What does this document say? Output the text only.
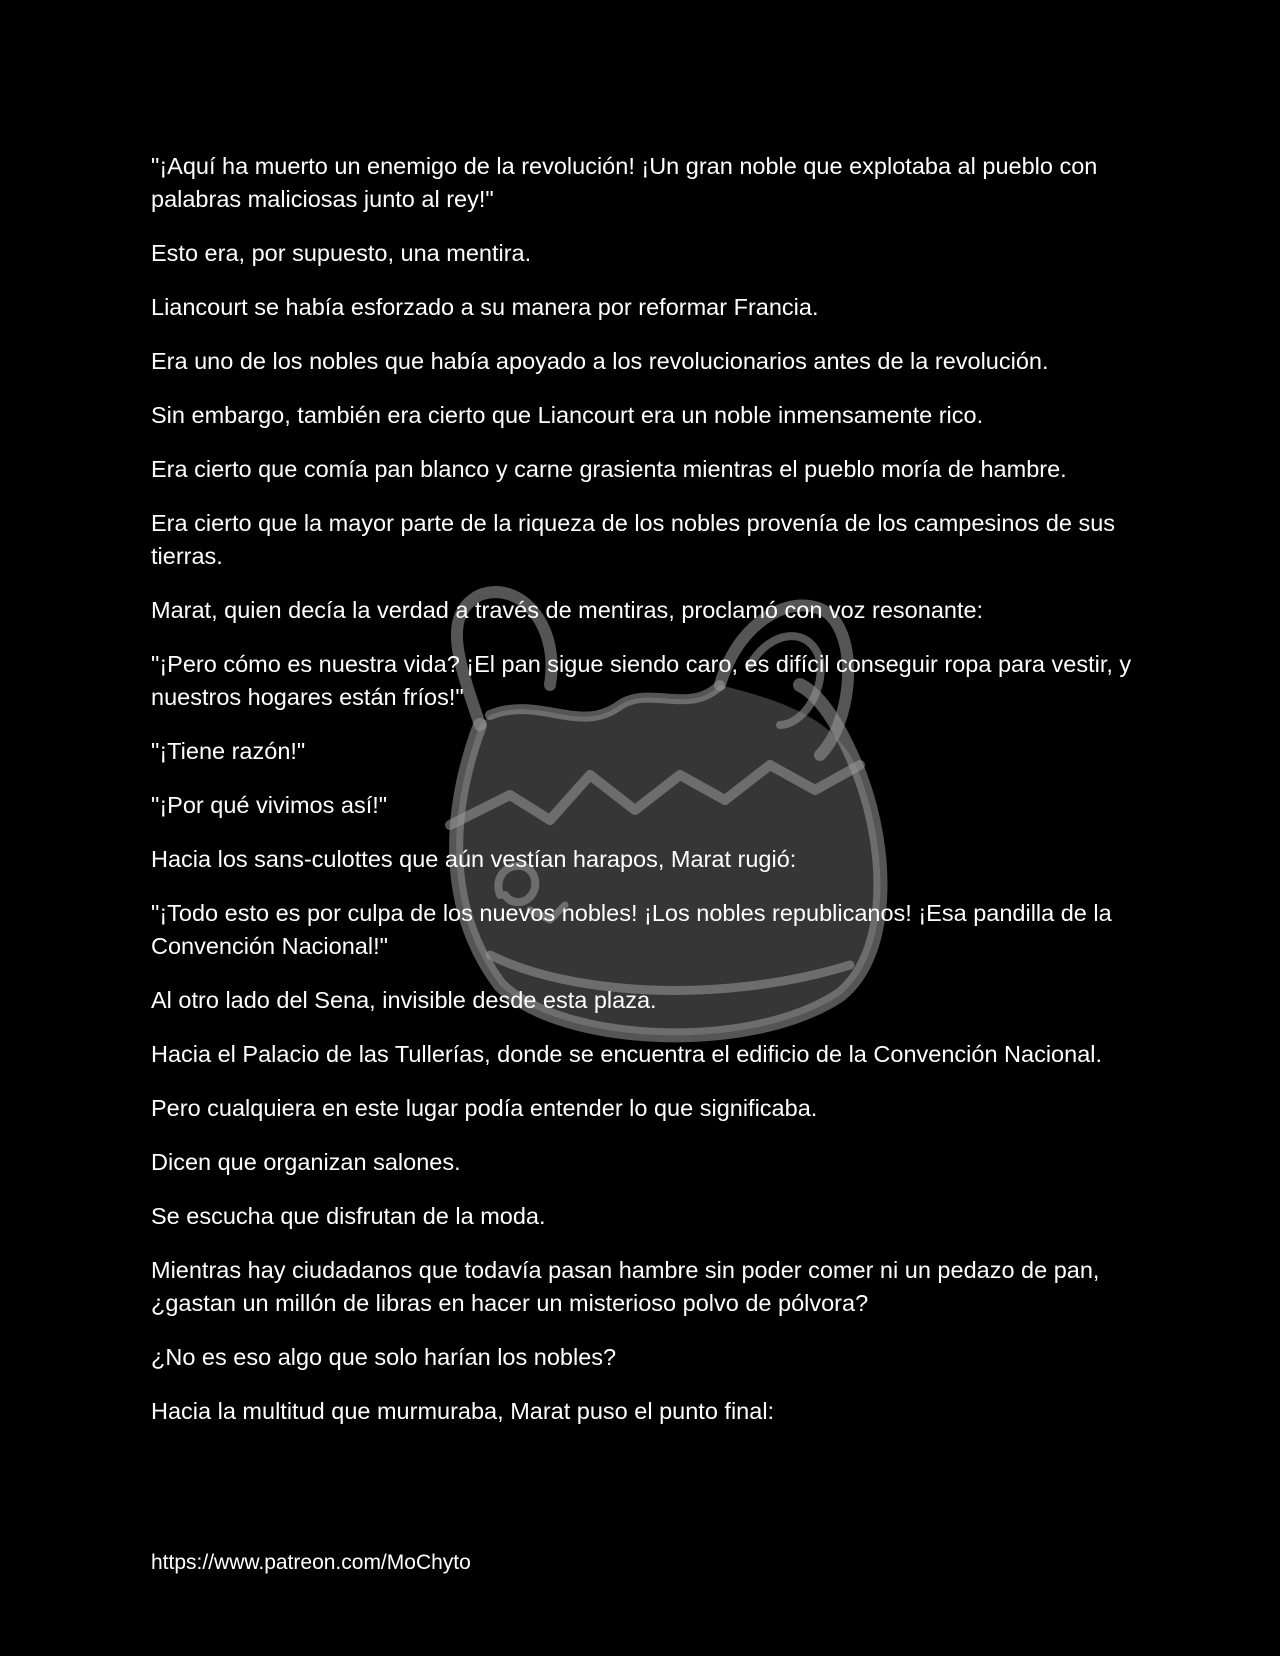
"¡Aquí ha muerto un enemigo de la revolución! ¡Un gran noble que explotaba al pueblo con palabras maliciosas junto al rey!"

Esto era, por supuesto, una mentira.

Liancourt se había esforzado a su manera por reformar Francia.

Era uno de los nobles que había apoyado a los revolucionarios antes de la revolución.

Sin embargo, también era cierto que Liancourt era un noble inmensamente rico.

Era cierto que comía pan blanco y carne grasienta mientras el pueblo moría de hambre.

Era cierto que la mayor parte de la riqueza de los nobles provenía de los campesinos de sus tierras.

Marat, quien decía la verdad a través de mentiras, proclamó con voz resonante:

"¡Pero cómo es nuestra vida? ¡El pan sigue siendo caro, es difícil conseguir ropa para vestir, y nuestros hogares están fríos!"

"¡Tiene razón!"

"¡Por qué vivimos así!"

Hacia los sans-culottes que aún vestían harapos, Marat rugió:

"¡Todo esto es por culpa de los nuevos nobles! ¡Los nobles republicanos! ¡Esa pandilla de la Convención Nacional!"

Al otro lado del Sena, invisible desde esta plaza.

Hacia el Palacio de las Tullerías, donde se encuentra el edificio de la Convención Nacional.

Pero cualquiera en este lugar podía entender lo que significaba.

Dicen que organizan salones.

Se escucha que disfrutan de la moda.

Mientras hay ciudadanos que todavía pasan hambre sin poder comer ni un pedazo de pan, ¿gastan un millón de libras en hacer un misterioso polvo de pólvora?

¿No es eso algo que solo harían los nobles?

Hacia la multitud que murmuraba, Marat puso el punto final:

https://www.patreon.com/MoChyto
